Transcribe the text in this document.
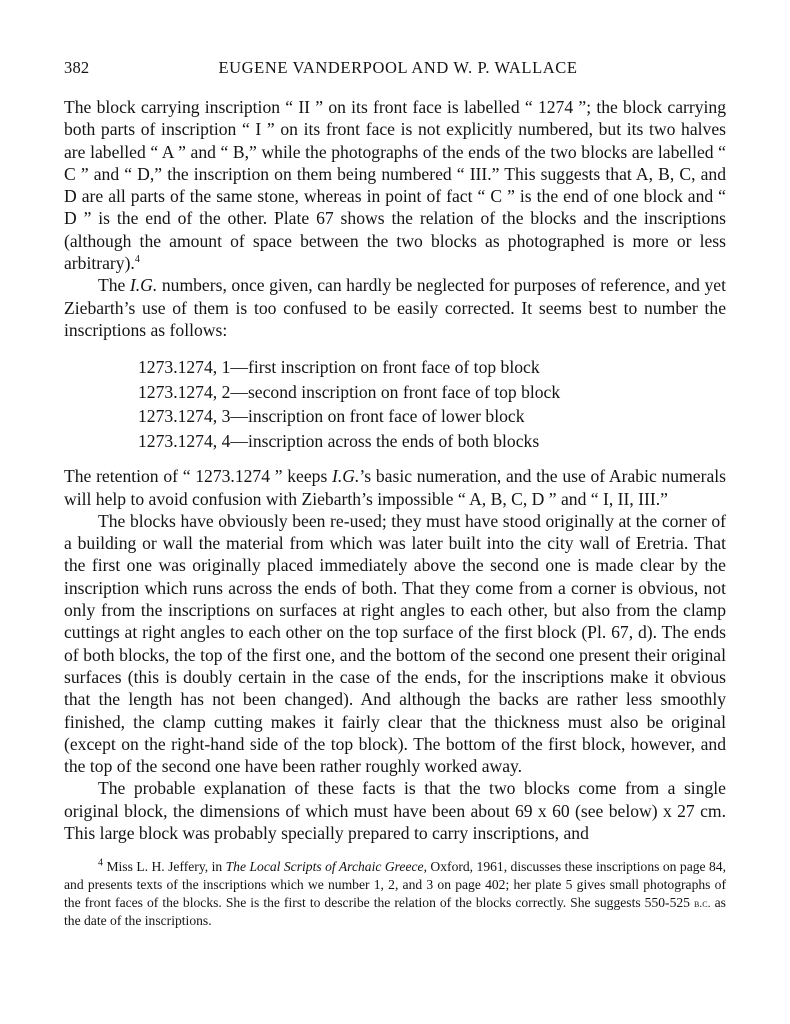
382	EUGENE VANDERPOOL AND W. P. WALLACE

The block carrying inscription “ II ” on its front face is labelled “ 1274 ”; the block carrying both parts of inscription “ I ” on its front face is not explicitly numbered, but its two halves are labelled “ A ” and “ B,” while the photographs of the ends of the two blocks are labelled “ C ” and “ D,” the inscription on them being numbered “ III.” This suggests that A, B, C, and D are all parts of the same stone, whereas in point of fact “ C ” is the end of one block and “ D ” is the end of the other. Plate 67 shows the relation of the blocks and the inscriptions (although the amount of space between the two blocks as photographed is more or less arbitrary).$^4$

The I.G. numbers, once given, can hardly be neglected for purposes of reference, and yet Ziebarth’s use of them is too confused to be easily corrected. It seems best to number the inscriptions as follows:

1273.1274, 1—first inscription on front face of top block
1273.1274, 2—second inscription on front face of top block
1273.1274, 3—inscription on front face of lower block
1273.1274, 4—inscription across the ends of both blocks

The retention of “ 1273.1274 ” keeps I.G.’s basic numeration, and the use of Arabic numerals will help to avoid confusion with Ziebarth’s impossible “ A, B, C, D ” and “ I, II, III.”

The blocks have obviously been re-used; they must have stood originally at the corner of a building or wall the material from which was later built into the city wall of Eretria. That the first one was originally placed immediately above the second one is made clear by the inscription which runs across the ends of both. That they come from a corner is obvious, not only from the inscriptions on surfaces at right angles to each other, but also from the clamp cuttings at right angles to each other on the top surface of the first block (Pl. 67, d). The ends of both blocks, the top of the first one, and the bottom of the second one present their original surfaces (this is doubly certain in the case of the ends, for the inscriptions make it obvious that the length has not been changed). And although the backs are rather less smoothly finished, the clamp cutting makes it fairly clear that the thickness must also be original (except on the right-hand side of the top block). The bottom of the first block, however, and the top of the second one have been rather roughly worked away.

The probable explanation of these facts is that the two blocks come from a single original block, the dimensions of which must have been about 69 x 60 (see below) x 27 cm. This large block was probably specially prepared to carry inscriptions, and

$^4$ Miss L. H. Jeffery, in The Local Scripts of Archaic Greece, Oxford, 1961, discusses these inscriptions on page 84, and presents texts of the inscriptions which we number 1, 2, and 3 on page 402; her plate 5 gives small photographs of the front faces of the blocks. She is the first to describe the relation of the blocks correctly. She suggests 550-525 b.c. as the date of the inscriptions.
